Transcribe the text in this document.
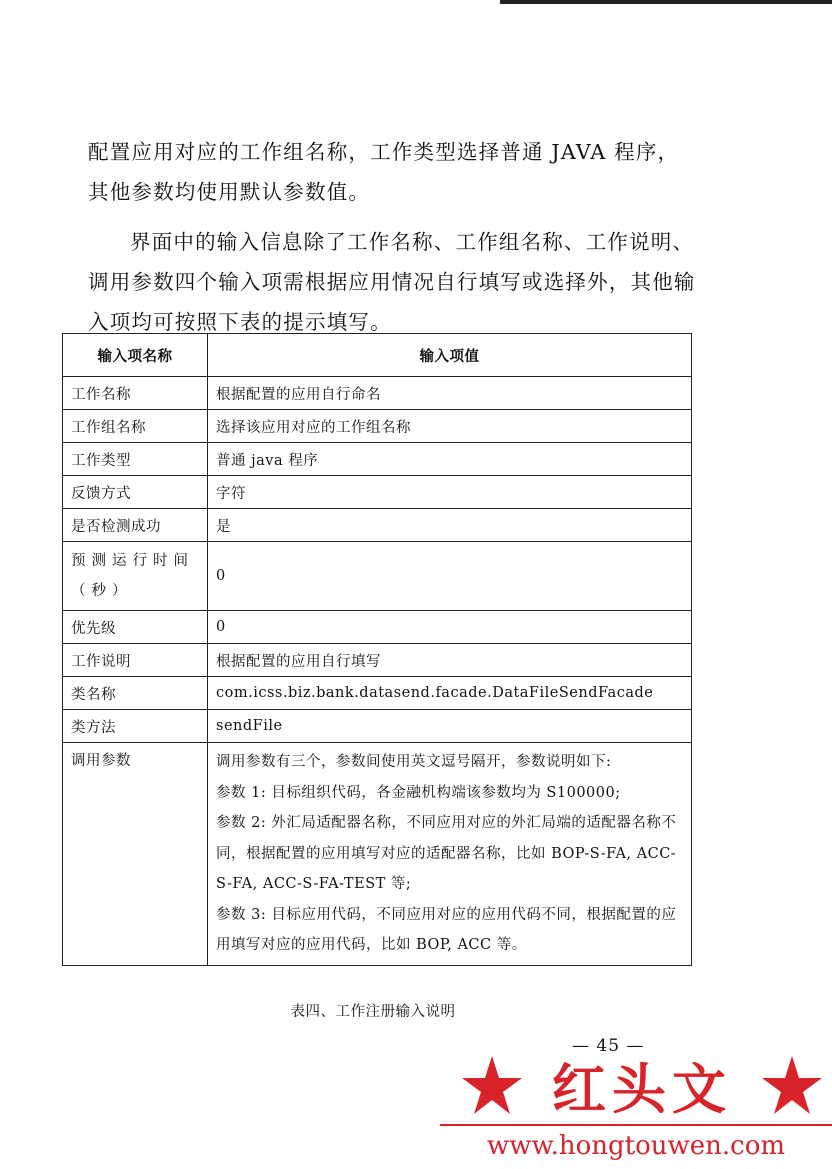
配置应用对应的工作组名称，工作类型选择普通 JAVA 程序，其他参数均使用默认参数值。

界面中的输入信息除了工作名称、工作组名称、工作说明、调用参数四个输入项需根据应用情况自行填写或选择外，其他输入项均可按照下表的提示填写。

输入项名称	输入项值
工作名称	根据配置的应用自行命名
工作组名称	选择该应用对应的工作组名称
工作类型	普通 java 程序
反馈方式	字符
是否检测成功	是
预测运行时间（秒）	0
优先级	0
工作说明	根据配置的应用自行填写
类名称	com.icss.biz.bank.datasend.facade.DataFileSendFacade
类方法	sendFile
调用参数	调用参数有三个，参数间使用英文逗号隔开，参数说明如下:
参数 1: 目标组织代码，各金融机构端该参数均为 S100000;
参数 2: 外汇局适配器名称，不同应用对应的外汇局端的适配器名称不同，根据配置的应用填写对应的适配器名称，比如 BOP-S-FA, ACC-S-FA, ACC-S-FA-TEST 等;
参数 3: 目标应用代码，不同应用对应的应用代码不同，根据配置的应用填写对应的应用代码，比如 BOP, ACC 等。
表四、工作注册输入说明
— 45 —
红头文
www.hongtouwen.com
